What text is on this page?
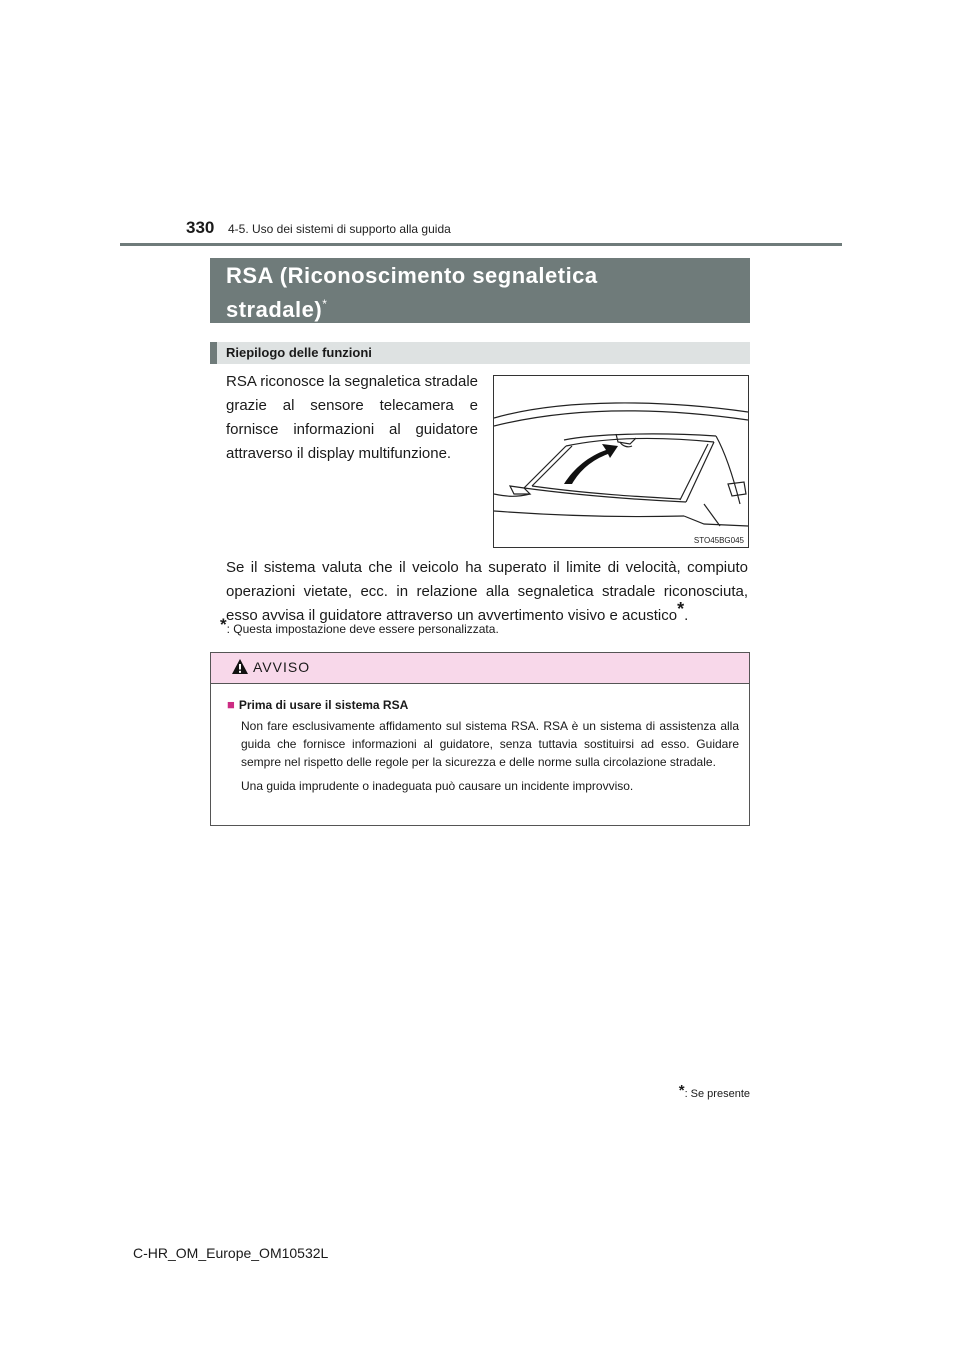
330 4-5. Uso dei sistemi di supporto alla guida
RSA (Riconoscimento segnaletica
stradale)*
Riepilogo delle funzioni
RSA riconosce la segnaletica stradale grazie al sensore telecamera e fornisce informazioni al guidatore attraverso il display multifunzione.
STO45BG045
Se il sistema valuta che il veicolo ha superato il limite di velocità, compiuto operazioni vietate, ecc. in relazione alla segnaletica stradale riconosciuta, esso avvisa il guidatore attraverso un avvertimento visivo e acustico*.
*: Questa impostazione deve essere personalizzata.
AVVISO
■ Prima di usare il sistema RSA

Non fare esclusivamente affidamento sul sistema RSA. RSA è un sistema di assistenza alla guida che fornisce informazioni al guidatore, senza tuttavia sostituirsi ad esso. Guidare sempre nel rispetto delle regole per la sicurezza e delle norme sulla circolazione stradale.

Una guida imprudente o inadeguata può causare un incidente improvviso.

*: Se presente
C-HR_OM_Europe_OM10532L
